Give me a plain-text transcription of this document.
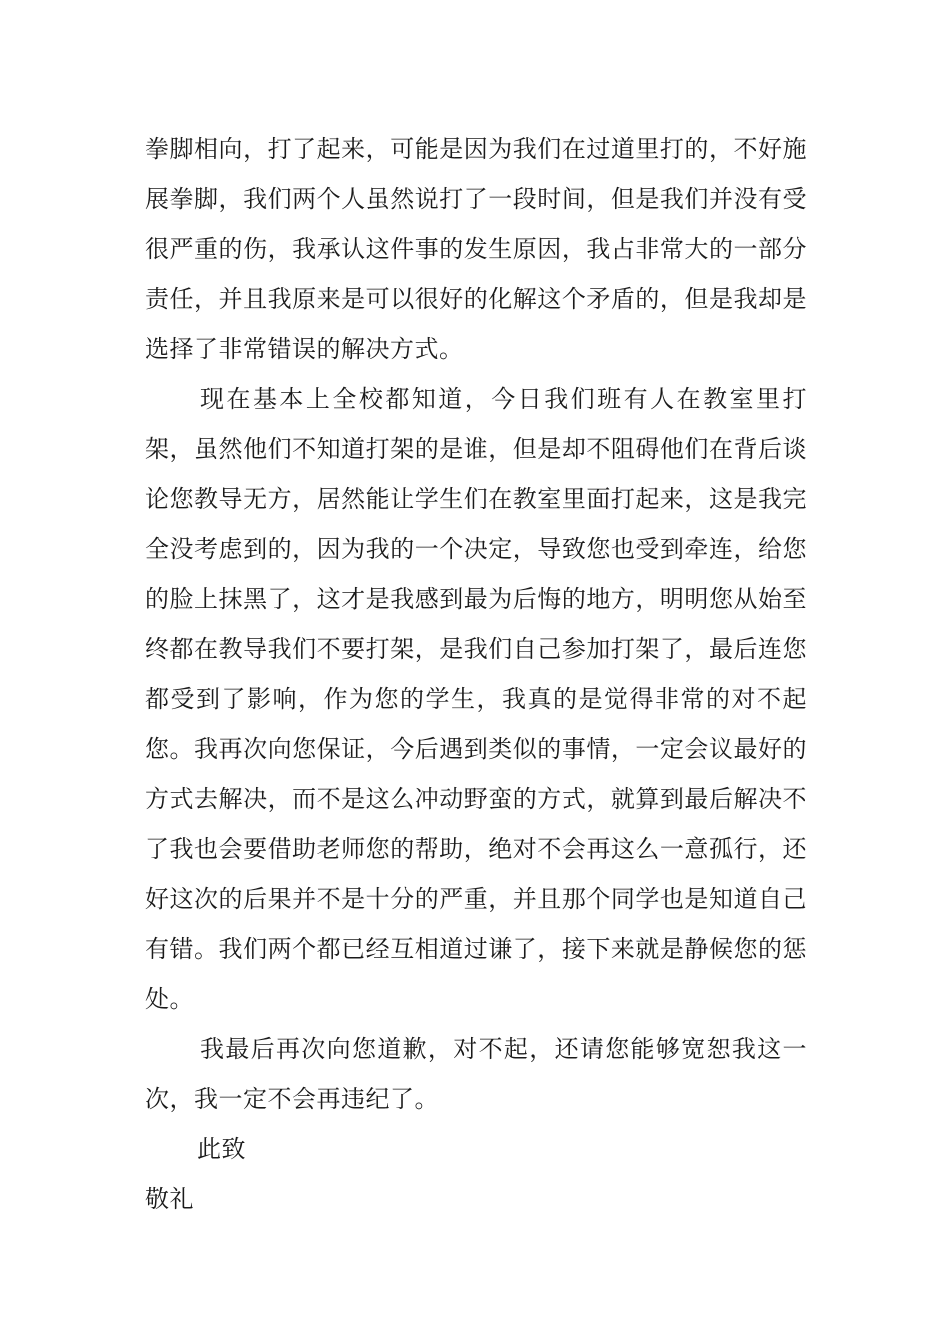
拳脚相向，打了起来，可能是因为我们在过道里打的，不好施展拳脚，我们两个人虽然说打了一段时间，但是我们并没有受很严重的伤，我承认这件事的发生原因，我占非常大的一部分责任，并且我原来是可以很好的化解这个矛盾的，但是我却是选择了非常错误的解决方式。

现在基本上全校都知道，今日我们班有人在教室里打架，虽然他们不知道打架的是谁，但是却不阻碍他们在背后谈论您教导无方，居然能让学生们在教室里面打起来，这是我完全没考虑到的，因为我的一个决定，导致您也受到牵连，给您的脸上抹黑了，这才是我感到最为后悔的地方，明明您从始至终都在教导我们不要打架，是我们自己参加打架了，最后连您都受到了影响，作为您的学生，我真的是觉得非常的对不起您。我再次向您保证，今后遇到类似的事情，一定会议最好的方式去解决，而不是这么冲动野蛮的方式，就算到最后解决不了我也会要借助老师您的帮助，绝对不会再这么一意孤行，还好这次的后果并不是十分的严重，并且那个同学也是知道自己有错。我们两个都已经互相道过谦了，接下来就是静候您的惩处。

我最后再次向您道歉，对不起，还请您能够宽恕我这一次，我一定不会再违纪了。

此致

敬礼
